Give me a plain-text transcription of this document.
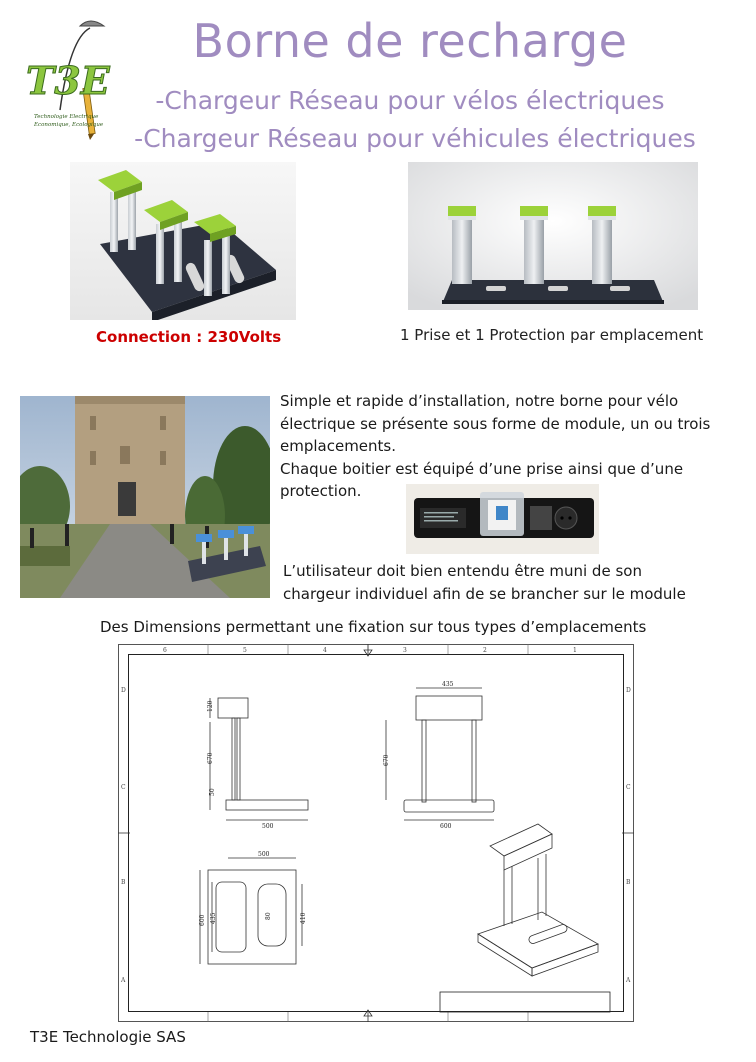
T3E
Technologie Electrique
Economique, Ecologique
Borne de recharge
-Chargeur Réseau pour vélos électriques
-Chargeur Réseau pour véhicules électriques
Connection : 230Volts	1 Prise et 1 Protection par emplacement
Simple et rapide d’installation, notre borne pour vélo
électrique se présente sous forme de module, un ou trois
emplacements.
Chaque boitier est équipé d’une prise ainsi que d’une
protection.
L’utilisateur doit bien entendu être muni de son
chargeur individuel afin de se brancher sur le module
Des Dimensions permettant une fixation sur tous types d’emplacements
6	5	4	3	2	1
D
C
B
A
D
C
B
A
120
670
50
500
435
670
600
500
600 435	80	410
T3E Technologie SAS
